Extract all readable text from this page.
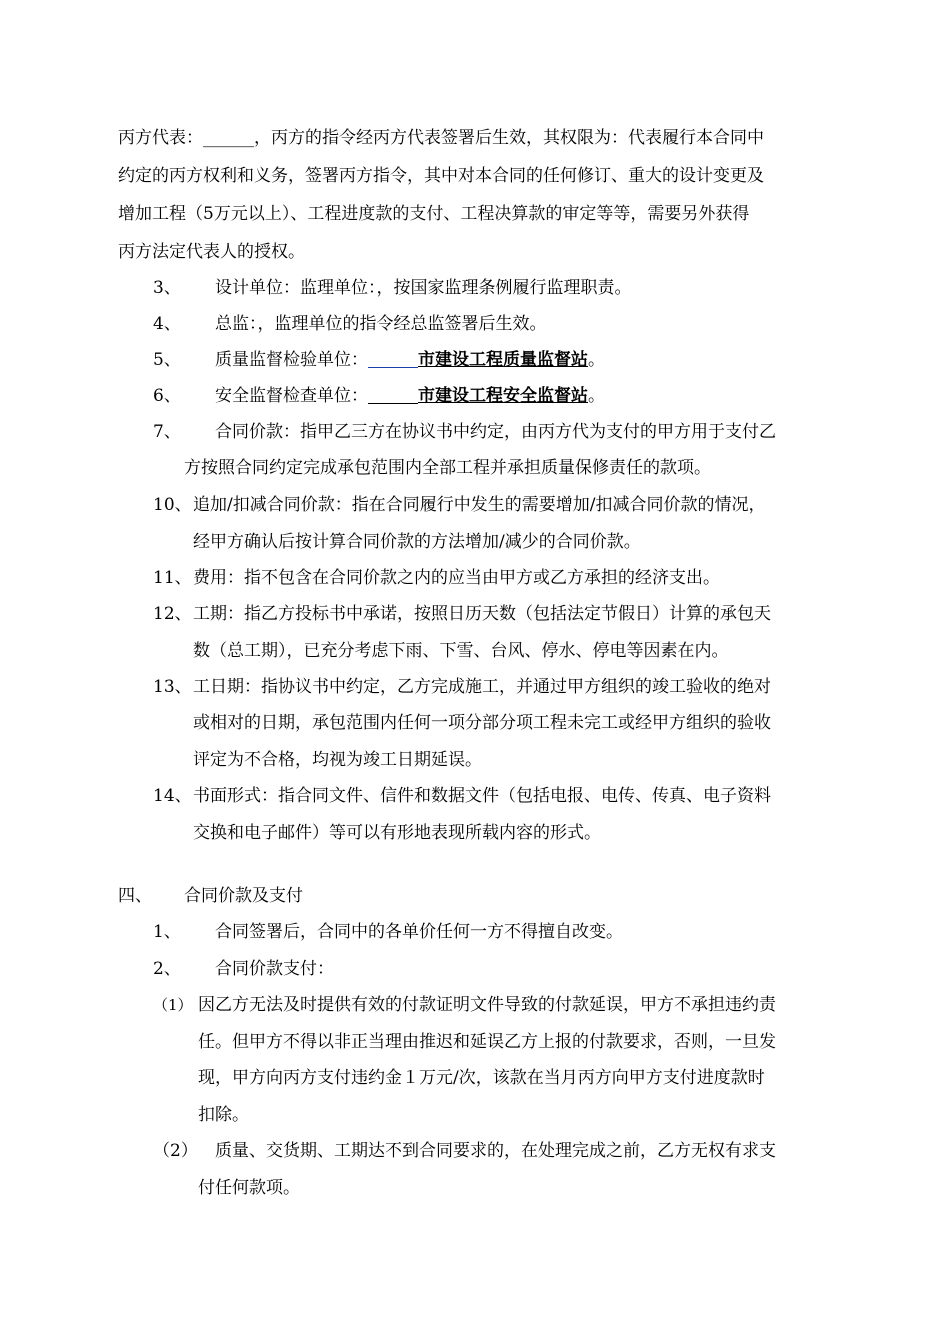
丙方代表：______，丙方的指令经丙方代表签署后生效，其权限为：代表履行本合同中
约定的丙方权利和义务，签署丙方指令，其中对本合同的任何修订、重大的设计变更及
增加工程（5万元以上）、工程进度款的支付、工程决算款的审定等等，需要另外获得
丙方法定代表人的授权。
3、 设计单位：监理单位：，按国家监理条例履行监理职责。
4、 总监：，监理单位的指令经总监签署后生效。
5、 质量监督检验单位：	市建设工程质量监督站。
6、 安全监督检查单位：	市建设工程安全监督站。
7、 合同价款：指甲乙三方在协议书中约定，由丙方代为支付的甲方用于支付乙
方按照合同约定完成承包范围内全部工程并承担质量保修责任的款项。
10、 追加/扣减合同价款：指在合同履行中发生的需要增加/扣减合同价款的情况，
经甲方确认后按计算合同价款的方法增加/减少的合同价款。
11、 费用：指不包含在合同价款之内的应当由甲方或乙方承担的经济支出。
12、 工期：指乙方投标书中承诺，按照日历天数（包括法定节假日）计算的承包天
数（总工期），已充分考虑下雨、下雪、台风、停水、停电等因素在内。
13、 工日期：指协议书中约定，乙方完成施工，并通过甲方组织的竣工验收的绝对
或相对的日期，承包范围内任何一项分部分项工程未完工或经甲方组织的验收
评定为不合格，均视为竣工日期延误。
14、 书面形式：指合同文件、信件和数据文件（包括电报、电传、传真、电子资料
交换和电子邮件）等可以有形地表现所载内容的形式。
四、 合同价款及支付
1、 合同签署后，合同中的各单价任何一方不得擅自改变。
2、 合同价款支付：
（1） 因乙方无法及时提供有效的付款证明文件导致的付款延误，甲方不承担违约责
任。但甲方不得以非正当理由推迟和延误乙方上报的付款要求，否则，一旦发
现，甲方向丙方支付违约金１万元/次，该款在当月丙方向甲方支付进度款时
扣除。
（2） 质量、交货期、工期达不到合同要求的，在处理完成之前，乙方无权有求支
付任何款项。
